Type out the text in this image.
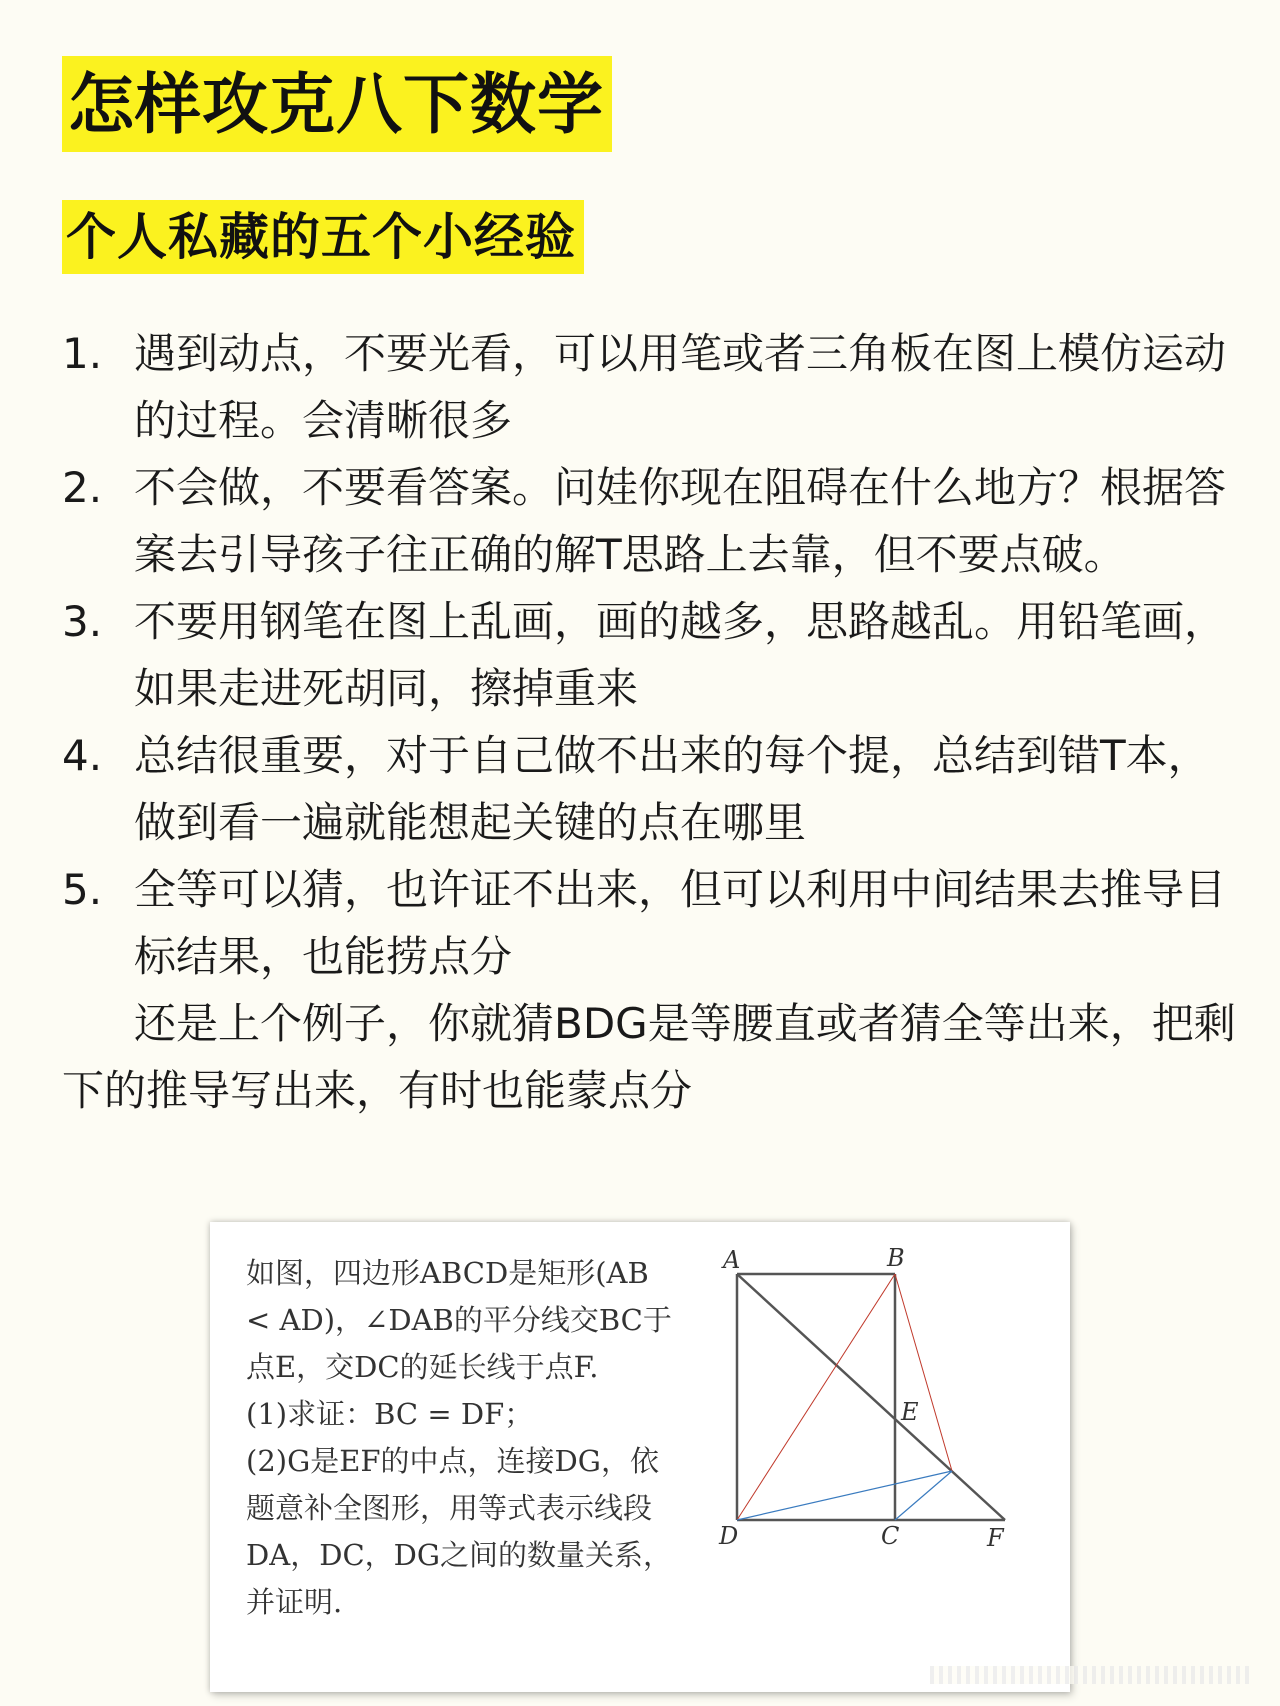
怎样攻克八下数学
个人私藏的五个小经验
1. 遇到动点，不要光看，可以用笔或者三角板在图上模仿运动的过程。会清晰很多
2. 不会做，不要看答案。问娃你现在阻碍在什么地方？根据答案去引导孩子往正确的解T思路上去靠，但不要点破。
3. 不要用钢笔在图上乱画，画的越多，思路越乱。用铅笔画，如果走进死胡同，擦掉重来
4. 总结很重要，对于自己做不出来的每个提，总结到错T本，做到看一遍就能想起关键的点在哪里
5. 全等可以猜，也许证不出来，但可以利用中间结果去推导目标结果，也能捞点分
还是上个例子，你就猜BDG是等腰直或者猜全等出来，把剩下的推导写出来，有时也能蒙点分
如图，四边形ABCD是矩形(AB < AD)，∠DAB的平分线交BC于点E，交DC的延长线于点F.
(1)求证：BC = DF；
(2)G是EF的中点，连接DG，依题意补全图形，用等式表示线段DA，DC，DG之间的数量关系，并证明.
A	B
E
D	C	F
